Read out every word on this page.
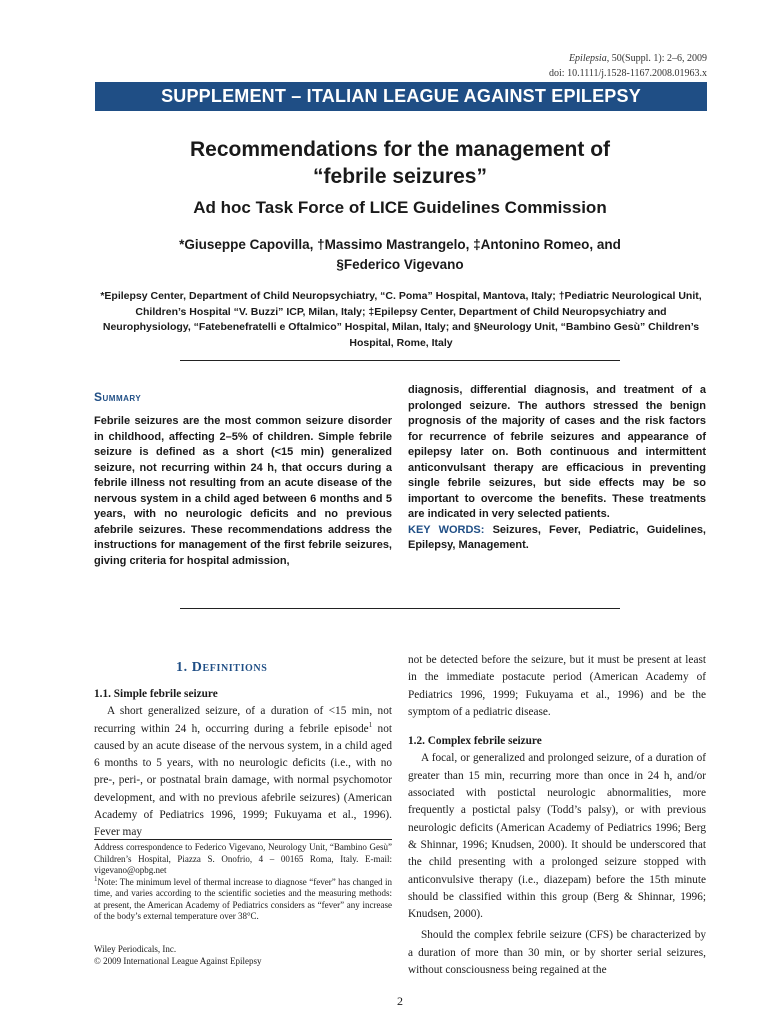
Epilepsia, 50(Suppl. 1): 2–6, 2009
doi: 10.1111/j.1528-1167.2008.01963.x
SUPPLEMENT – ITALIAN LEAGUE AGAINST EPILEPSY
Recommendations for the management of
“febrile seizures”
Ad hoc Task Force of LICE Guidelines Commission
*Giuseppe Capovilla, †Massimo Mastrangelo, ‡Antonino Romeo, and
§Federico Vigevano
*Epilepsy Center, Department of Child Neuropsychiatry, “C. Poma” Hospital, Mantova, Italy; †Pediatric Neurological Unit, Children’s Hospital “V. Buzzi” ICP, Milan, Italy; ‡Epilepsy Center, Department of Child Neuropsychiatry and Neurophysiology, “Fatebenefratelli e Oftalmico” Hospital, Milan, Italy; and §Neurology Unit, “Bambino Gesù” Children’s Hospital, Rome, Italy
Summary
Febrile seizures are the most common seizure disorder in childhood, affecting 2–5% of children. Simple febrile seizure is defined as a short (<15 min) generalized seizure, not recurring within 24 h, that occurs during a febrile illness not resulting from an acute disease of the nervous system in a child aged between 6 months and 5 years, with no neurologic deficits and no previous afebrile seizures. These recommendations address the instructions for management of the first febrile seizures, giving criteria for hospital admission,
diagnosis, differential diagnosis, and treatment of a prolonged seizure. The authors stressed the benign prognosis of the majority of cases and the risk factors for recurrence of febrile seizures and appearance of epilepsy later on. Both continuous and intermittent anticonvulsant therapy are efficacious in preventing single febrile seizures, but side effects may be so important to overcome the benefits. These treatments are indicated in very selected patients.
KEY WORDS: Seizures, Fever, Pediatric, Guidelines, Epilepsy, Management.
1. Definitions
1.1. Simple febrile seizure

A short generalized seizure, of a duration of <15 min, not recurring within 24 h, occurring during a febrile episode$^1$ not caused by an acute disease of the nervous system, in a child aged 6 months to 5 years, with no neurologic deficits (i.e., with no pre-, peri-, or postnatal brain damage, with normal psychomotor development, and with no previous afebrile seizures) (American Academy of Pediatrics 1996, 1999; Fukuyama et al., 1996). Fever may

Address correspondence to Federico Vigevano, Neurology Unit, “Bambino Gesù” Children’s Hospital, Piazza S. Onofrio, 4 – 00165 Roma, Italy. E-mail: vigevano@opbg.net

$^1$Note: The minimum level of thermal increase to diagnose “fever” has changed in time, and varies according to the scientific societies and the measuring methods: at present, the American Academy of Pediatrics considers as “fever” any increase of the body’s external temperature over 38°C.

Wiley Periodicals, Inc.

© 2009 International League Against Epilepsy

not be detected before the seizure, but it must be present at least in the immediate postacute period (American Academy of Pediatrics 1996, 1999; Fukuyama et al., 1996) and be the symptom of a pediatric disease.

1.2. Complex febrile seizure

A focal, or generalized and prolonged seizure, of a duration of greater than 15 min, recurring more than once in 24 h, and/or associated with postictal neurologic abnormalities, more frequently a postictal palsy (Todd’s palsy), or with previous neurologic deficits (American Academy of Pediatrics 1996; Berg & Shinnar, 1996; Knudsen, 2000). It should be underscored that the child presenting with a prolonged seizure stopped with anticonvulsive therapy (i.e., diazepam) before the 15th minute should be classified within this group (Berg & Shinnar, 1996; Knudsen, 2000).

Should the complex febrile seizure (CFS) be characterized by a duration of more than 30 min, or by shorter serial seizures, without consciousness being regained at the

2
